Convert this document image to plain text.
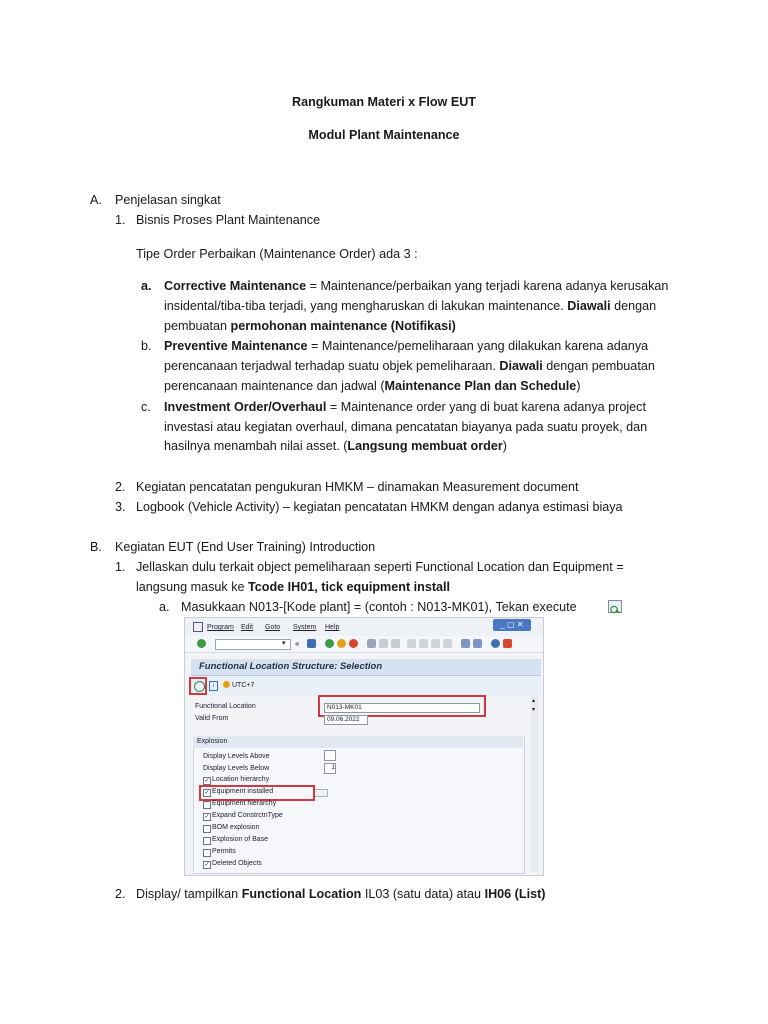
Rangkuman Materi x Flow EUT
Modul Plant Maintenance
A. Penjelasan singkat
1. Bisnis Proses Plant Maintenance
Tipe Order Perbaikan (Maintenance Order) ada 3 :
a. Corrective Maintenance = Maintenance/perbaikan yang terjadi karena adanya kerusakan
insidental/tiba-tiba terjadi, yang mengharuskan di lakukan maintenance. Diawali dengan
pembuatan permohonan maintenance (Notifikasi)
b. Preventive Maintenance = Maintenance/pemeliharaan yang dilakukan karena adanya
perencanaan terjadwal terhadap suatu objek pemeliharaan. Diawali dengan pembuatan
perencanaan maintenance dan jadwal (Maintenance Plan dan Schedule)
c. Investment Order/Overhaul = Maintenance order yang di buat karena adanya project
investasi atau kegiatan overhaul, dimana pencatatan biayanya pada suatu proyek, dan
hasilnya menambah nilai asset. (Langsung membuat order)
2. Kegiatan pencatatan pengukuran HMKM – dinamakan Measurement document
3. Logbook (Vehicle Activity) – kegiatan pencatatan HMKM dengan adanya estimasi biaya
B. Kegiatan EUT (End User Training) Introduction
1. Jellaskan dulu terkait object pemeliharaan seperti Functional Location dan Equipment =
langsung masuk ke Tcode IH01, tick equipment install
a. Masukkaan N013-[Kode plant] = (contoh : N013-MK01), Tekan execute
Program Edit Goto System Help	_ ▢ ✕
▾ «
Functional Location Structure: Selection
i	UTC+7
Functional Location	N013-MK01
Valid From	09.06.2022
Explosion
Display Levels Above
Display Levels Below	1
✓ Location hierarchy
✓ Equipment installed
Equipment hierarchy
✓ Expand ConstrctnType
BOM explosion
Explosion of Base
Permits
✓ Deleted Objects
▴
▾
2. Display/ tampilkan Functional Location IL03 (satu data) atau IH06 (List)
